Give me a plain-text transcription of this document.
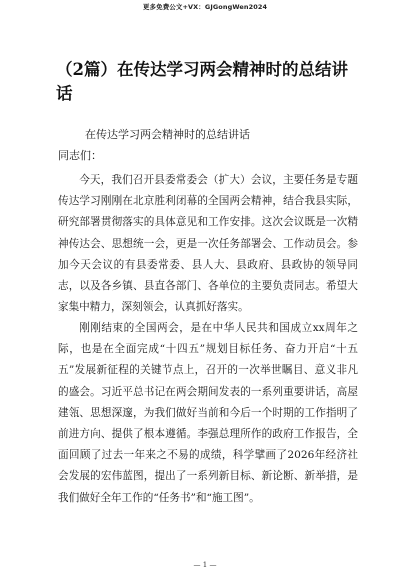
更多免费公文+VX：GJGongWen2024
（2篇）在传达学习两会精神时的总结讲话
在传达学习两会精神时的总结讲话
同志们：

今天，我们召开县委常委会（扩大）会议，主要任务是专题传达学习刚刚在北京胜利闭幕的全国两会精神，结合我县实际，研究部署贯彻落实的具体意见和工作安排。这次会议既是一次精神传达会、思想统一会，更是一次任务部署会、工作动员会。参加今天会议的有县委常委、县人大、县政府、县政协的领导同志，以及各乡镇、县直各部门、各单位的主要负责同志。希望大家集中精力，深刻领会，认真抓好落实。

刚刚结束的全国两会，是在中华人民共和国成立xx周年之际，也是在全面完成“十四五”规划目标任务、奋力开启“十五五”发展新征程的关键节点上，召开的一次举世瞩目、意义非凡的盛会。习近平总书记在两会期间发表的一系列重要讲话，高屋建瓴、思想深邃，为我们做好当前和今后一个时期的工作指明了前进方向、提供了根本遵循。李强总理所作的政府工作报告，全面回顾了过去一年来之不易的成绩，科学擘画了2026年经济社会发展的宏伟蓝图，提出了一系列新目标、新论断、新举措，是我们做好全年工作的“任务书”和“施工图”。

— 1 —
